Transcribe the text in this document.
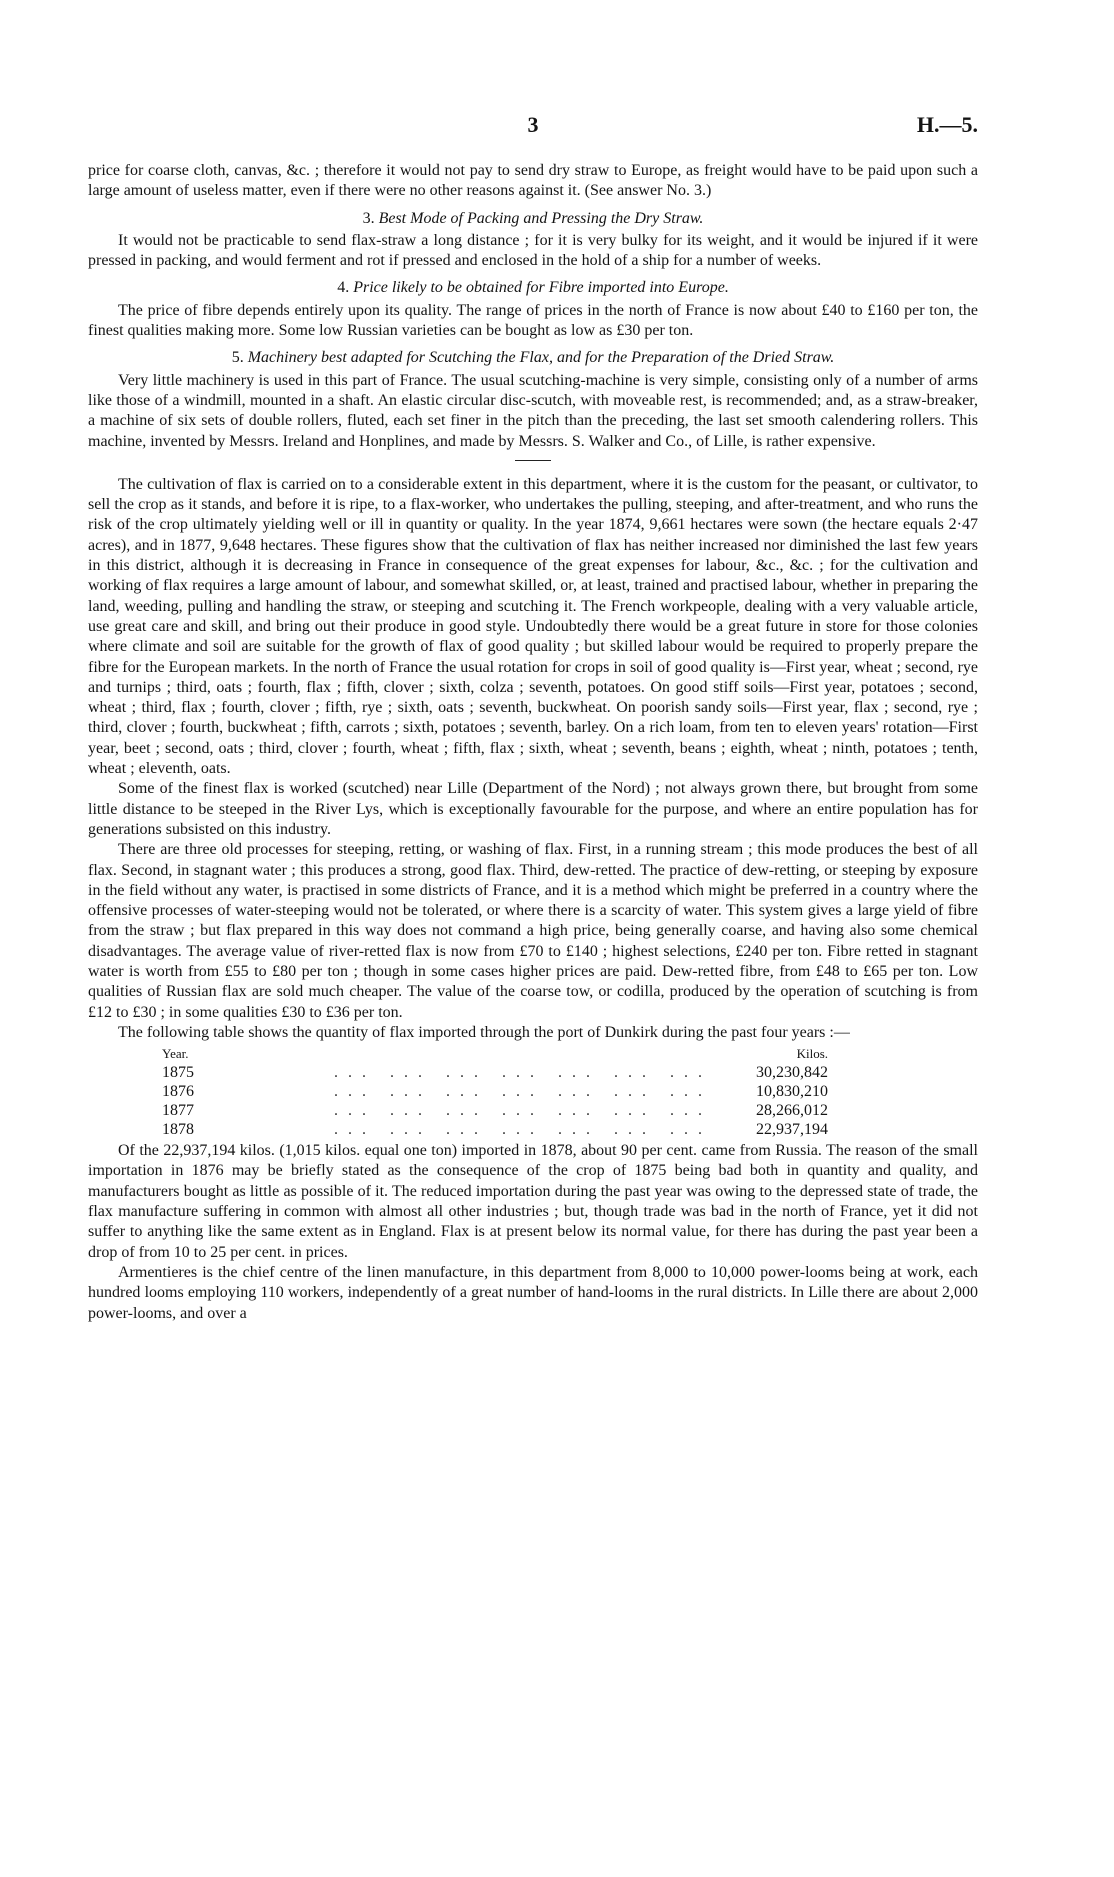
3	H.—5.

price for coarse cloth, canvas, &c. ; therefore it would not pay to send dry straw to Europe, as freight would have to be paid upon such a large amount of useless matter, even if there were no other reasons against it. (See answer No. 3.)

3. Best Mode of Packing and Pressing the Dry Straw.

It would not be practicable to send flax-straw a long distance ; for it is very bulky for its weight, and it would be injured if it were pressed in packing, and would ferment and rot if pressed and enclosed in the hold of a ship for a number of weeks.

4. Price likely to be obtained for Fibre imported into Europe.

The price of fibre depends entirely upon its quality. The range of prices in the north of France is now about £40 to £160 per ton, the finest qualities making more. Some low Russian varieties can be bought as low as £30 per ton.

5. Machinery best adapted for Scutching the Flax, and for the Preparation of the Dried Straw.

Very little machinery is used in this part of France. The usual scutching-machine is very simple, consisting only of a number of arms like those of a windmill, mounted in a shaft. An elastic circular disc-scutch, with moveable rest, is recommended; and, as a straw-breaker, a machine of six sets of double rollers, fluted, each set finer in the pitch than the preceding, the last set smooth calendering rollers. This machine, invented by Messrs. Ireland and Honplines, and made by Messrs. S. Walker and Co., of Lille, is rather expensive.

The cultivation of flax is carried on to a considerable extent in this department, where it is the custom for the peasant, or cultivator, to sell the crop as it stands, and before it is ripe, to a flax-worker, who undertakes the pulling, steeping, and after-treatment, and who runs the risk of the crop ultimately yielding well or ill in quantity or quality. In the year 1874, 9,661 hectares were sown (the hectare equals 2·47 acres), and in 1877, 9,648 hectares. These figures show that the cultivation of flax has neither increased nor diminished the last few years in this district, although it is decreasing in France in consequence of the great expenses for labour, &c., &c. ; for the cultivation and working of flax requires a large amount of labour, and somewhat skilled, or, at least, trained and practised labour, whether in preparing the land, weeding, pulling and handling the straw, or steeping and scutching it. The French workpeople, dealing with a very valuable article, use great care and skill, and bring out their produce in good style. Undoubtedly there would be a great future in store for those colonies where climate and soil are suitable for the growth of flax of good quality ; but skilled labour would be required to properly prepare the fibre for the European markets. In the north of France the usual rotation for crops in soil of good quality is—First year, wheat ; second, rye and turnips ; third, oats ; fourth, flax ; fifth, clover ; sixth, colza ; seventh, potatoes. On good stiff soils—First year, potatoes ; second, wheat ; third, flax ; fourth, clover ; fifth, rye ; sixth, oats ; seventh, buckwheat. On poorish sandy soils—First year, flax ; second, rye ; third, clover ; fourth, buckwheat ; fifth, carrots ; sixth, potatoes ; seventh, barley. On a rich loam, from ten to eleven years' rotation—First year, beet ; second, oats ; third, clover ; fourth, wheat ; fifth, flax ; sixth, wheat ; seventh, beans ; eighth, wheat ; ninth, potatoes ; tenth, wheat ; eleventh, oats.

Some of the finest flax is worked (scutched) near Lille (Department of the Nord) ; not always grown there, but brought from some little distance to be steeped in the River Lys, which is exceptionally favourable for the purpose, and where an entire population has for generations subsisted on this industry.

There are three old processes for steeping, retting, or washing of flax. First, in a running stream ; this mode produces the best of all flax. Second, in stagnant water ; this produces a strong, good flax. Third, dew-retted. The practice of dew-retting, or steeping by exposure in the field without any water, is practised in some districts of France, and it is a method which might be preferred in a country where the offensive processes of water-steeping would not be tolerated, or where there is a scarcity of water. This system gives a large yield of fibre from the straw ; but flax prepared in this way does not command a high price, being generally coarse, and having also some chemical disadvantages. The average value of river-retted flax is now from £70 to £140 ; highest selections, £240 per ton. Fibre retted in stagnant water is worth from £55 to £80 per ton ; though in some cases higher prices are paid. Dew-retted fibre, from £48 to £65 per ton. Low qualities of Russian flax are sold much cheaper. The value of the coarse tow, or codilla, produced by the operation of scutching is from £12 to £30 ; in some qualities £30 to £36 per ton.

The following table shows the quantity of flax imported through the port of Dunkirk during the past four years :—

Year.		Kilos.
1875	... ... ... ... ... ... ...	30,230,842
1876	... ... ... ... ... ... ...	10,830,210
1877	... ... ... ... ... ... ...	28,266,012
1878	... ... ... ... ... ... ...	22,937,194

Of the 22,937,194 kilos. (1,015 kilos. equal one ton) imported in 1878, about 90 per cent. came from Russia. The reason of the small importation in 1876 may be briefly stated as the consequence of the crop of 1875 being bad both in quantity and quality, and manufacturers bought as little as possible of it. The reduced importation during the past year was owing to the depressed state of trade, the flax manufacture suffering in common with almost all other industries ; but, though trade was bad in the north of France, yet it did not suffer to anything like the same extent as in England. Flax is at present below its normal value, for there has during the past year been a drop of from 10 to 25 per cent. in prices.

Armentieres is the chief centre of the linen manufacture, in this department from 8,000 to 10,000 power-looms being at work, each hundred looms employing 110 workers, independently of a great number of hand-looms in the rural districts. In Lille there are about 2,000 power-looms, and over a
